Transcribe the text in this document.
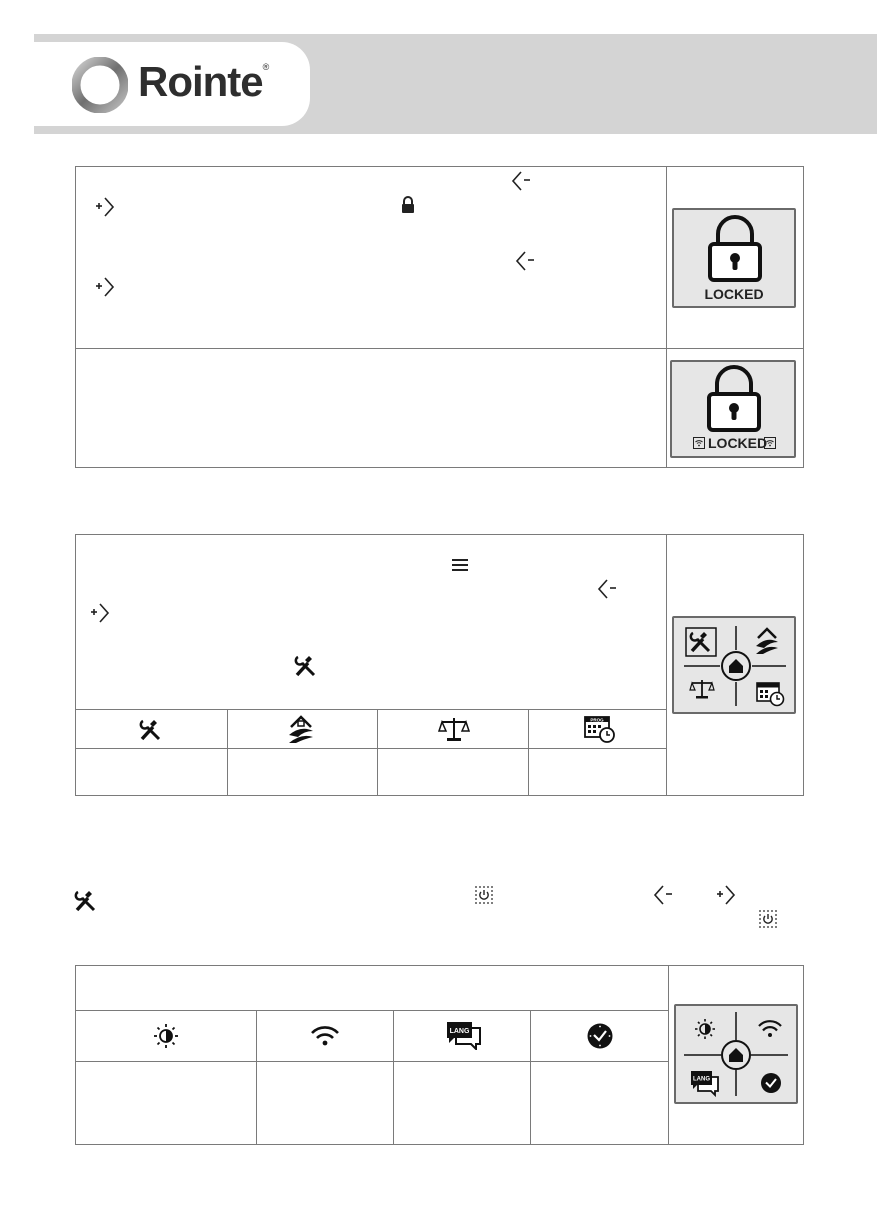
Rointe®
LOCKED
LOCKED
PROG
LANG
LANG
